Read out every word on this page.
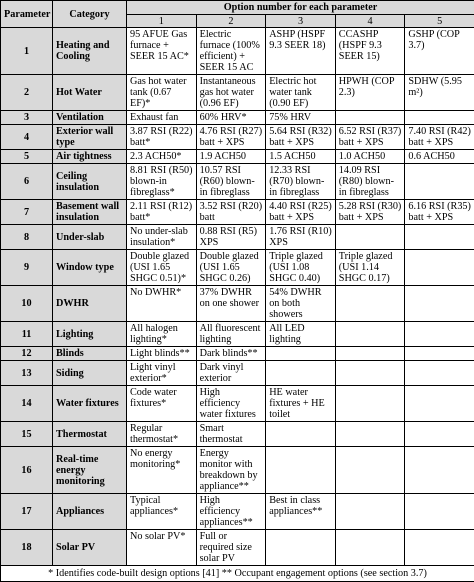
Parameter	Category	Option number for each parameter				
		1	2	3	4	5
1	Heating and Cooling	95 AFUE Gas furnace + SEER 15 AC*	Electric furnace (100% efficient) + SEER 15 AC	ASHP (HSPF 9.3 SEER 18)	CCASHP (HSPF 9.3 SEER 15)	GSHP (COP 3.7)
2	Hot Water	Gas hot water tank (0.67 EF)*	Instantaneous gas hot water (0.96 EF)	Electric hot water tank (0.90 EF)	HPWH (COP 2.3)	SDHW (5.95 m²)
3	Ventilation	Exhaust fan	60% HRV*	75% HRV		
4	Exterior wall type	3.87 RSI (R22) batt*	4.76 RSI (R27) batt + XPS	5.64 RSI (R32) batt + XPS	6.52 RSI (R37) batt + XPS	7.40 RSI (R42) batt + XPS
5	Air tightness	2.3 ACH50*	1.9 ACH50	1.5 ACH50	1.0 ACH50	0.6 ACH50
6	Ceiling insulation	8.81 RSI (R50) blown-in fibreglass*	10.57 RSI (R60) blown-in fibreglass	12.33 RSI (R70) blown-in fibreglass	14.09 RSI (R80) blown-in fibreglass	
7	Basement wall insulation	2.11 RSI (R12) batt*	3.52 RSI (R20) batt	4.40 RSI (R25) batt + XPS	5.28 RSI (R30) batt + XPS	6.16 RSI (R35) batt + XPS
8	Under-slab	No under-slab insulation*	0.88 RSI (R5) XPS	1.76 RSI (R10) XPS		
9	Window type	Double glazed (USI 1.65 SHGC 0.51)*	Double glazed (USI 1.65 SHGC 0.26)	Triple glazed (USI 1.08 SHGC 0.40)	Triple glazed (USI 1.14 SHGC 0.17)	
10	DWHR	No DWHR*	37% DWHR on one shower	54% DWHR on both showers		
11	Lighting	All halogen lighting*	All fluorescent lighting	All LED lighting		
12	Blinds	Light blinds**	Dark blinds**			
13	Siding	Light vinyl exterior*	Dark vinyl exterior			
14	Water fixtures	Code water fixtures*	High efficiency water fixtures	HE water fixtures + HE toilet		
15	Thermostat	Regular thermostat*	Smart thermostat			
16	Real-time energy monitoring	No energy monitoring*	Energy monitor with breakdown by appliance**			
17	Appliances	Typical appliances*	High efficiency appliances**	Best in class appliances**		
18	Solar PV	No solar PV*	Full or required size solar PV			
* Identifies code-built design options [41] ** Occupant engagement options (see section 3.7)						
